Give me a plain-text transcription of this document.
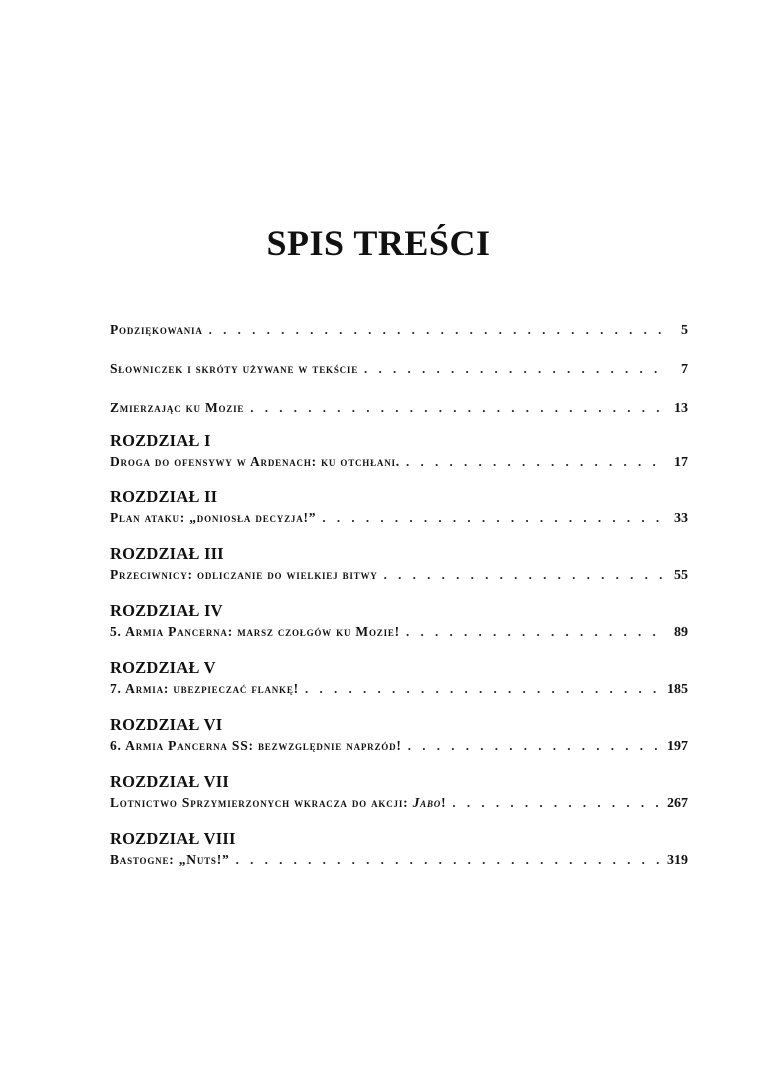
SPIS TREŚCI
Podziękowania . . .	5
Słowniczek i skróty używane w tekście . . .	7
Zmierzając ku Mozie . . .	13
ROZDZIAŁ I
Droga do ofensywy w Ardenach: ku otchłani. . . .	17
ROZDZIAŁ II
Plan ataku: „doniosła decyzja!” . . .	33
ROZDZIAŁ III
Przeciwnicy: odliczanie do wielkiej bitwy . . .	55
ROZDZIAŁ IV
5. Armia Pancerna: marsz czołgów ku Mozie! . . .	89
ROZDZIAŁ V
7. Armia: ubezpieczać flankę! . . .	185
ROZDZIAŁ VI
6. Armia Pancerna SS: bezwzględnie naprzód! . . .	197
ROZDZIAŁ VII
Lotnictwo Sprzymierzonych wkracza do akcji: Jabo! . . .	267
ROZDZIAŁ VIII
Bastogne: „Nuts!” . . .	319
